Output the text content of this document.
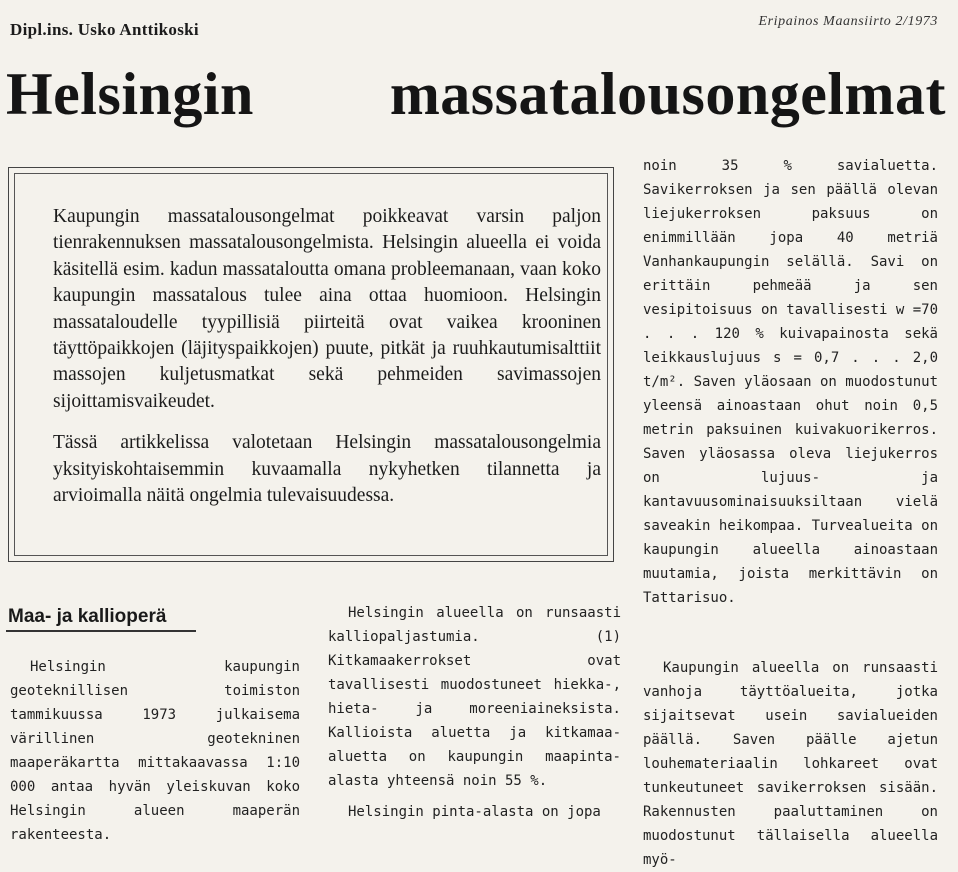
Dipl.ins. Usko Anttikoski	Eripainos Maansiirto 2/1973
Helsingin massatalousongelmat

Kaupungin massatalousongelmat poikkeavat varsin paljon tienrakennuksen massatalousongelmista. Helsingin alueella ei voida käsitellä esim. kadun massataloutta omana probleemanaan, vaan koko kaupungin massatalous tulee aina ottaa huomioon. Helsingin massataloudelle tyypillisiä piirteitä ovat vaikea krooninen täyttöpaikkojen (läjityspaikkojen) puute, pitkät ja ruuhkautumisalttiit massojen kuljetusmatkat sekä pehmeiden savimassojen sijoittamisvaikeudet.

Tässä artikkelissa valotetaan Helsingin massatalousongelmia yksityiskohtaisemmin kuvaamalla nykyhetken tilannetta ja arvioimalla näitä ongelmia tulevaisuudessa.

Maa- ja kallioperä

Helsingin kaupungin geoteknillisen toimiston tammikuussa 1973 julkaisema värillinen geotekninen maaperäkartta mittakaavassa 1:10 000 antaa hyvän yleiskuvan koko Helsingin alueen maaperän rakenteesta.

Helsingin alueella on runsaasti kalliopaljastumia. (1) Kitkamaakerrokset ovat tavallisesti muodostuneet hiekka-, hieta- ja moreeniaineksista. Kallioista aluetta ja kitkamaa-aluetta on kaupungin maapinta-alasta yhteensä noin 55 %.

Helsingin pinta-alasta on jopa

noin 35 % savialuetta. Savikerroksen ja sen päällä olevan liejukerroksen paksuus on enimmillään jopa 40 metriä Vanhankaupungin selällä. Savi on erittäin pehmeää ja sen vesipitoisuus on tavallisesti w =70 . . . 120 % kuivapainosta sekä leikkauslujuus s = 0,7 . . . 2,0 t/m². Saven yläosaan on muodostunut yleensä ainoastaan ohut noin 0,5 metrin paksuinen kuivakuorikerros. Saven yläosassa oleva liejukerros on lujuus- ja kantavuusominaisuuksiltaan vielä saveakin heikompaa. Turvealueita on kaupungin alueella ainoastaan muutamia, joista merkittävin on Tattarisuo.

Kaupungin alueella on runsaasti vanhoja täyttöalueita, jotka sijaitsevat usein savialueiden päällä. Saven päälle ajetun louhemateriaalin lohkareet ovat tunkeutuneet savikerroksen sisään. Rakennusten paaluttaminen on muodostunut tällaisella alueella myö-
